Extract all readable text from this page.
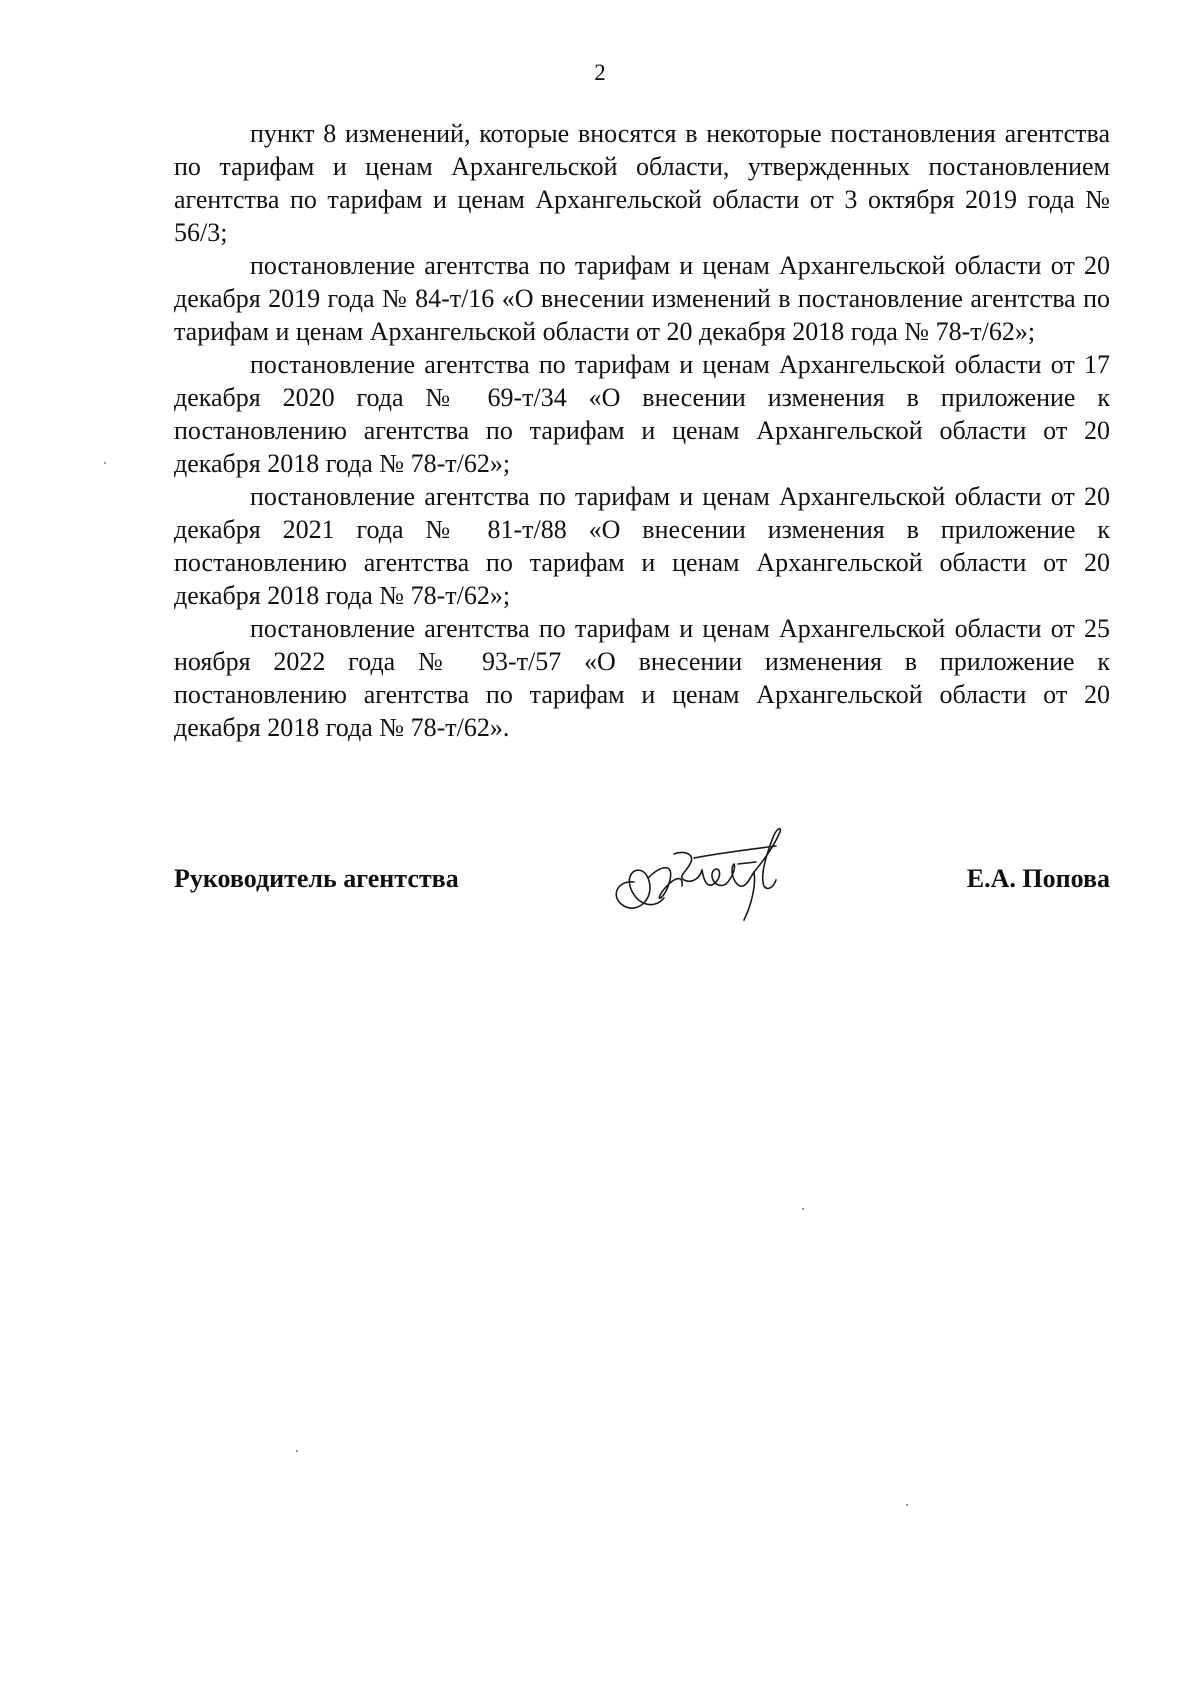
2

пункт 8 изменений, которые вносятся в некоторые постановления агентства по тарифам и ценам Архангельской области, утвержденных постановлением агентства по тарифам и ценам Архангельской области от 3 октября 2019 года № 56/3;

постановление агентства по тарифам и ценам Архангельской области от 20 декабря 2019 года № 84-т/16 «О внесении изменений в постановление агентства по тарифам и ценам Архангельской области от 20 декабря 2018 года № 78-т/62»;

постановление агентства по тарифам и ценам Архангельской области от 17 декабря 2020 года № 69-т/34 «О внесении изменения в приложение к постановлению агентства по тарифам и ценам Архангельской области от 20 декабря 2018 года № 78-т/62»;

постановление агентства по тарифам и ценам Архангельской области от 20 декабря 2021 года № 81-т/88 «О внесении изменения в приложение к постановлению агентства по тарифам и ценам Архангельской области от 20 декабря 2018 года № 78-т/62»;

постановление агентства по тарифам и ценам Архангельской области от 25 ноября 2022 года № 93-т/57 «О внесении изменения в приложение к постановлению агентства по тарифам и ценам Архангельской области от 20 декабря 2018 года № 78-т/62».

Руководитель агентства	Е.А. Попова
